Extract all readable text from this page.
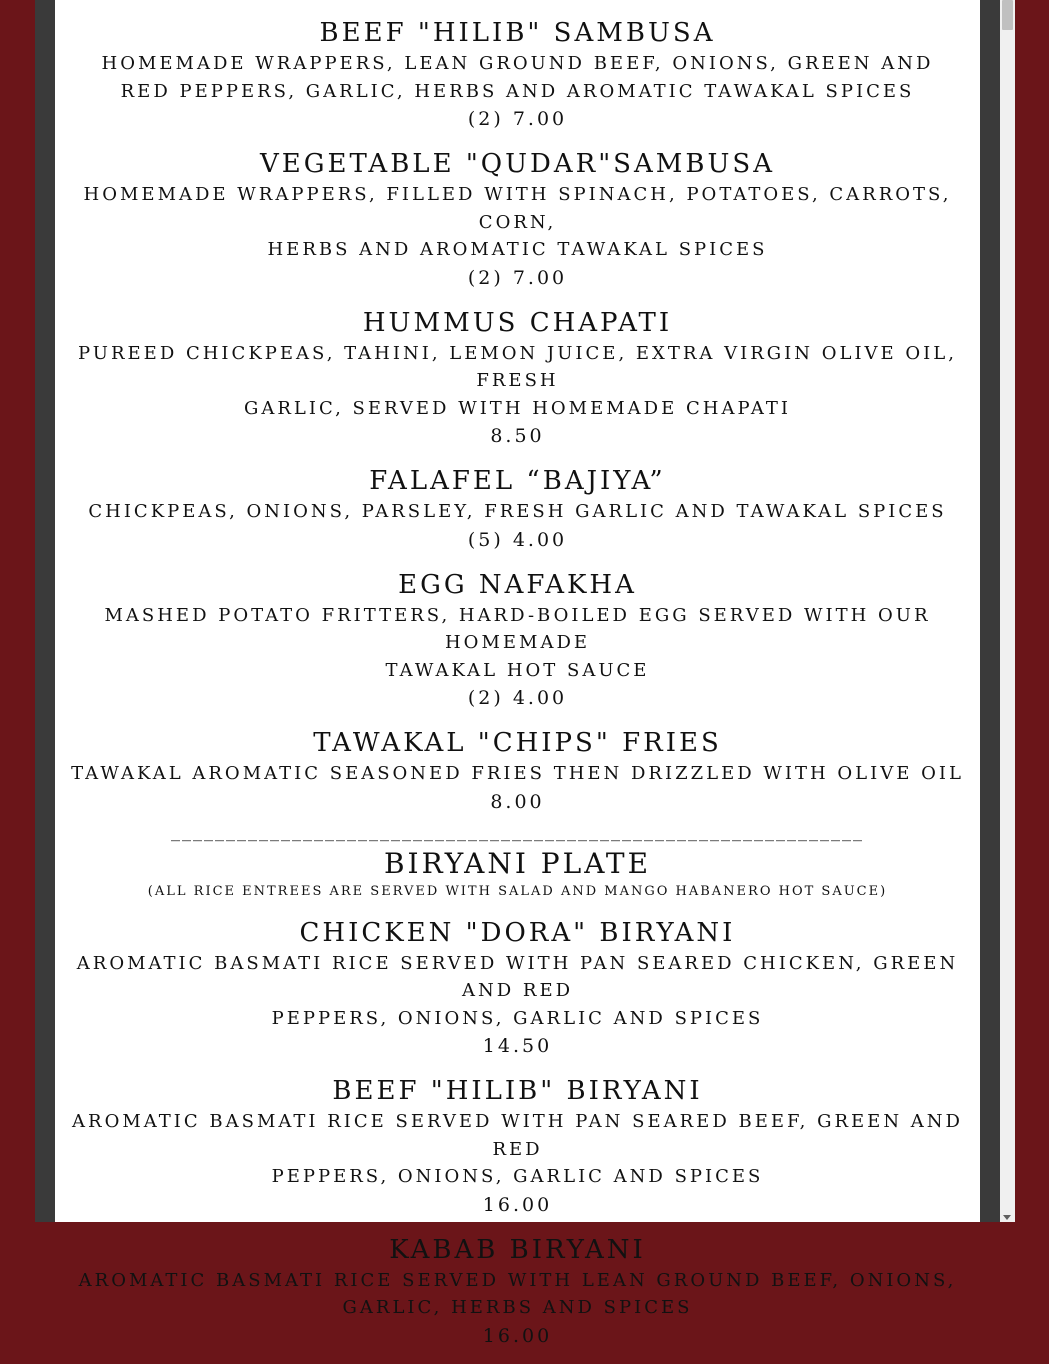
BEEF "HILIB" SAMBUSA

HOMEMADE WRAPPERS, LEAN GROUND BEEF, ONIONS, GREEN AND

RED PEPPERS, GARLIC, HERBS AND AROMATIC TAWAKAL SPICES

(2) 7.00

VEGETABLE "QUDAR"SAMBUSA

HOMEMADE WRAPPERS, FILLED WITH SPINACH, POTATOES, CARROTS, CORN,

HERBS AND AROMATIC TAWAKAL SPICES

(2) 7.00

HUMMUS CHAPATI

PUREED CHICKPEAS, TAHINI, LEMON JUICE, EXTRA VIRGIN OLIVE OIL, FRESH

GARLIC, SERVED WITH HOMEMADE CHAPATI

8.50

FALAFEL “BAJIYA”

CHICKPEAS, ONIONS, PARSLEY, FRESH GARLIC AND TAWAKAL SPICES

(5) 4.00

EGG NAFAKHA

MASHED POTATO FRITTERS, HARD-BOILED EGG SERVED WITH OUR HOMEMADE

TAWAKAL HOT SAUCE

(2) 4.00

TAWAKAL "CHIPS" FRIES

TAWAKAL AROMATIC SEASONED FRIES THEN DRIZZLED WITH OLIVE OIL

8.00

_______________________________________________________________

BIRYANI PLATE

(ALL RICE ENTREES ARE SERVED WITH SALAD AND MANGO HABANERO HOT SAUCE)

CHICKEN "DORA" BIRYANI

AROMATIC BASMATI RICE SERVED WITH PAN SEARED CHICKEN, GREEN AND RED

PEPPERS, ONIONS, GARLIC AND SPICES

14.50

BEEF "HILIB" BIRYANI

AROMATIC BASMATI RICE SERVED WITH PAN SEARED BEEF, GREEN AND RED

PEPPERS, ONIONS, GARLIC AND SPICES

16.00

KABAB BIRYANI

AROMATIC BASMATI RICE SERVED WITH LEAN GROUND BEEF, ONIONS,

GARLIC, HERBS AND SPICES

16.00
